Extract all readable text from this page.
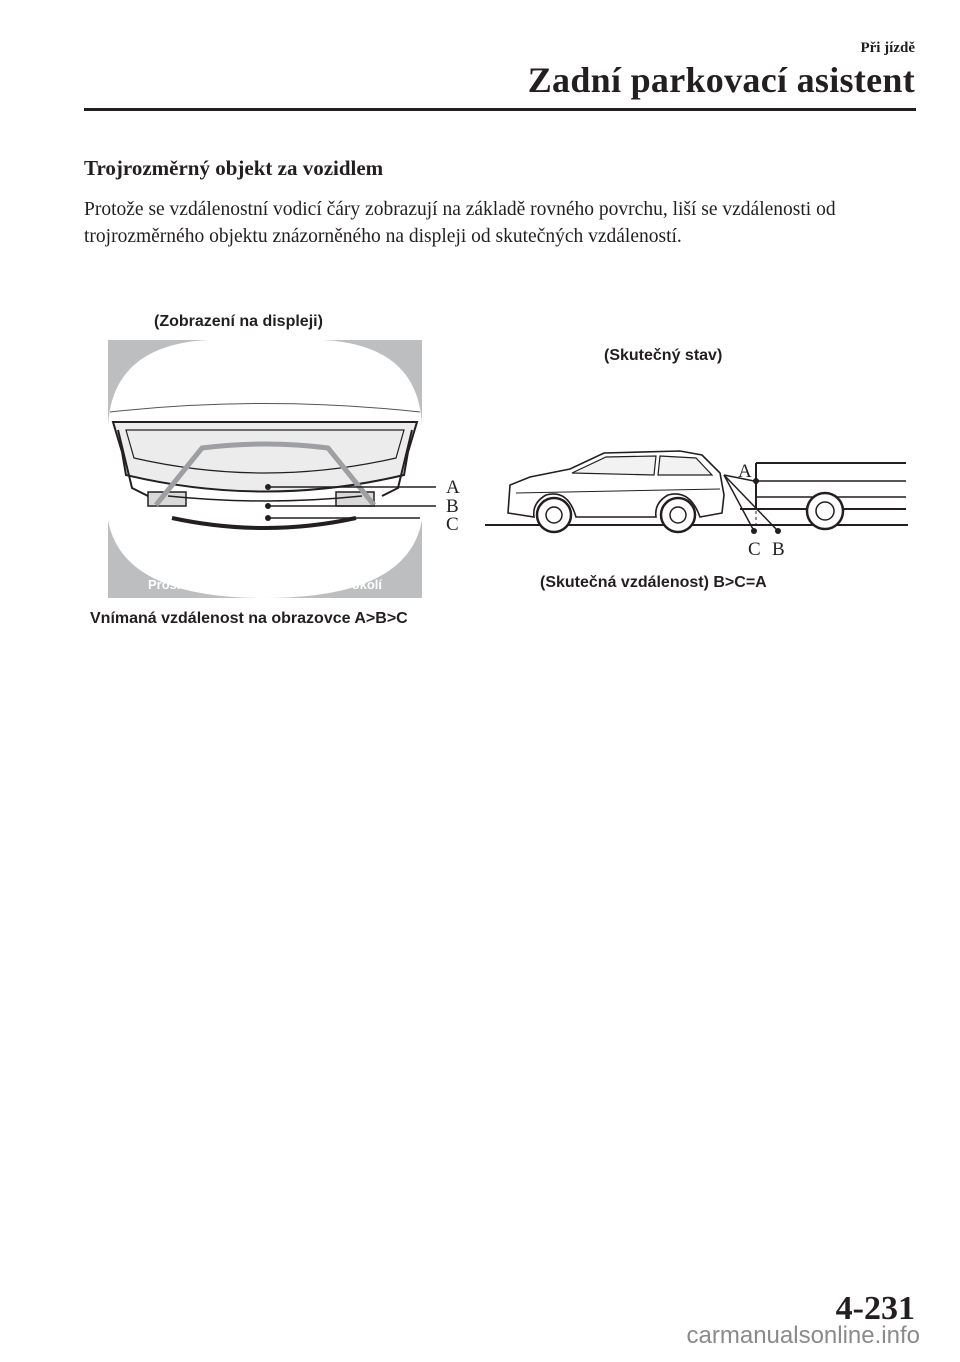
Při jízdě
Zadní parkovací asistent
Trojrozměrný objekt za vozidlem
Protože se vzdálenostní vodicí čáry zobrazují na základě rovného povrchu, liší se vzdálenosti od trojrozměrného objektu znázorněného na displeji od skutečných vzdáleností.
(Zobrazení na displeji)
A
B
C
Prosím, zkontrolujte bezpečnost okolí
Vnímaná vzdálenost na obrazovce A>B>C
(Skutečný stav)
A
C B
(Skutečná vzdálenost) B>C=A
4-231
carmanualsonline.info
